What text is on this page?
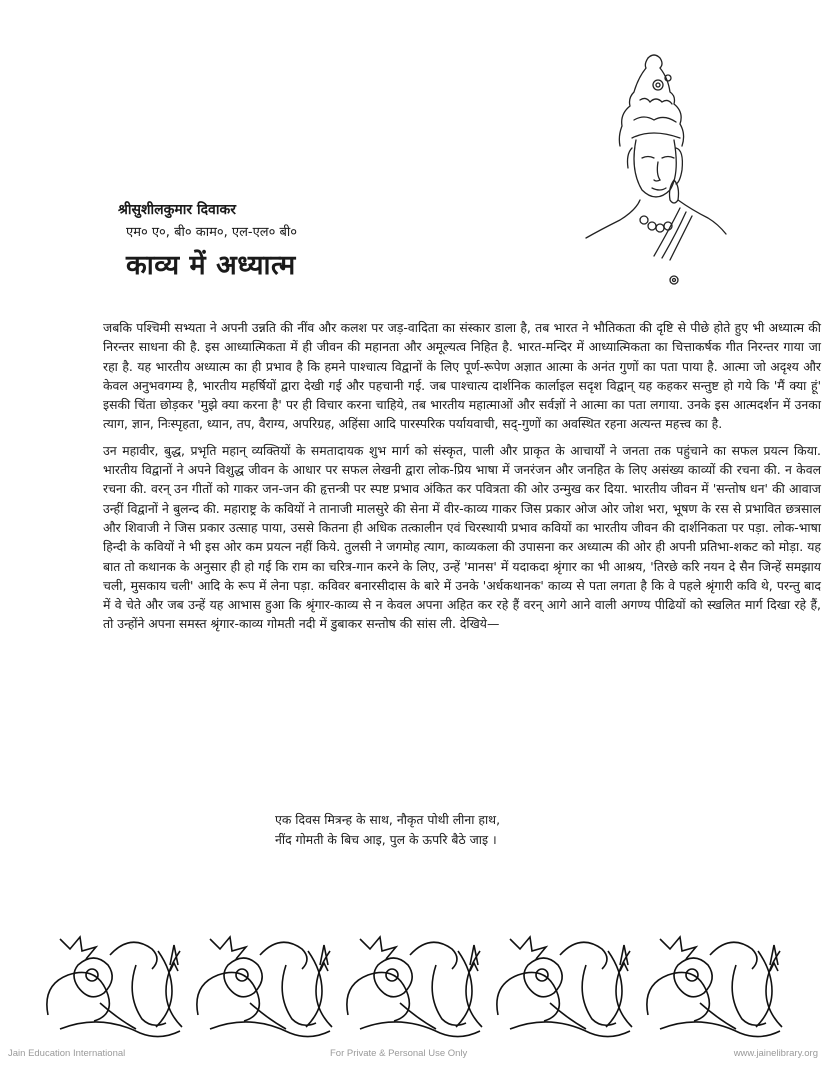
श्रीसुशीलकुमार दिवाकर

एम० ए०, बी० काम०, एल-एल० बी०

काव्य में अध्यात्म

जबकि पश्चिमी सभ्यता ने अपनी उन्नति की नींव और कलश पर जड़-वादिता का संस्कार डाला है, तब भारत ने भौतिकता की दृष्टि से पीछे होते हुए भी अध्यात्म की निरन्तर साधना की है. इस आध्यात्मिकता में ही जीवन की महानता और अमूल्यत्व निहित है. भारत-मन्दिर में आध्यात्मिकता का चित्ताकर्षक गीत निरन्तर गाया जा रहा है. यह भारतीय अध्यात्म का ही प्रभाव है कि हमने पाश्चात्य विद्वानों के लिए पूर्ण-रूपेण अज्ञात आत्मा के अनंत गुणों का पता पाया है. आत्मा जो अदृश्य और केवल अनुभवगम्य है, भारतीय महर्षियों द्वारा देखी गई और पहचानी गई. जब पाश्चात्य दार्शनिक कार्लाइल सदृश विद्वान् यह कहकर सन्तुष्ट हो गये कि 'मैं क्या हूं' इसकी चिंता छोड़कर 'मुझे क्या करना है' पर ही विचार करना चाहिये, तब भारतीय महात्माओं और सर्वज्ञों ने आत्मा का पता लगाया. उनके इस आत्मदर्शन में उनका त्याग, ज्ञान, निःस्पृहता, ध्यान, तप, वैराग्य, अपरिग्रह, अहिंसा आदि पारस्परिक पर्यायवाची, सद्-गुणों का अवस्थित रहना अत्यन्त महत्त्व का है.

उन महावीर, बुद्ध, प्रभृति महान् व्यक्तियों के समतादायक शुभ मार्ग को संस्कृत, पाली और प्राकृत के आचार्यों ने जनता तक पहुंचाने का सफल प्रयत्न किया. भारतीय विद्वानों ने अपने विशुद्ध जीवन के आधार पर सफल लेखनी द्वारा लोक-प्रिय भाषा में जनरंजन और जनहित के लिए असंख्य काव्यों की रचना की. न केवल रचना की. वरन् उन गीतों को गाकर जन-जन की हृत्तन्त्री पर स्पष्ट प्रभाव अंकित कर पवित्रता की ओर उन्मुख कर दिया. भारतीय जीवन में 'सन्तोष धन' की आवाज उन्हीं विद्वानों ने बुलन्द की. महाराष्ट्र के कवियों ने तानाजी मालसुरे की सेना में वीर-काव्य गाकर जिस प्रकार ओज ओर जोश भरा, भूषण के रस से प्रभावित छत्रसाल और शिवाजी ने जिस प्रकार उत्साह पाया, उससे कितना ही अधिक तत्कालीन एवं चिरस्थायी प्रभाव कवियों का भारतीय जीवन की दार्शनिकता पर पड़ा. लोक-भाषा हिन्दी के कवियों ने भी इस ओर कम प्रयत्न नहीं किये. तुलसी ने जगमोह त्याग, काव्यकला की उपासना कर अध्यात्म की ओर ही अपनी प्रतिभा-शकट को मोड़ा. यह बात तो कथानक के अनुसार ही हो गई कि राम का चरित्र-गान करने के लिए, उन्हें 'मानस' में यदाकदा श्रृंगार का भी आश्रय, 'तिरछे करि नयन दे सैन जिन्हें समझाय चली, मुसकाय चली' आदि के रूप में लेना पड़ा. कविवर बनारसीदास के बारे में उनके 'अर्धकथानक' काव्य से पता लगता है कि वे पहले श्रृंगारी कवि थे, परन्तु बाद में वे चेते और जब उन्हें यह आभास हुआ कि श्रृंगार-काव्य से न केवल अपना अहित कर रहे हैं वरन् आगे आने वाली अगण्य पीढियों को स्खलित मार्ग दिखा रहे हैं, तो उन्होंने अपना समस्त श्रृंगार-काव्य गोमती नदी में डुबाकर सन्तोष की सांस ली. देखिये—

एक दिवस मित्रन्ह के साथ, नौकृत पोथी लीना हाथ,
नींद गोमती के बिच आइ, पुल के ऊपरि बैठे जाइ ।
Jain Education International	For Private & Personal Use Only	www.jainelibrary.org
